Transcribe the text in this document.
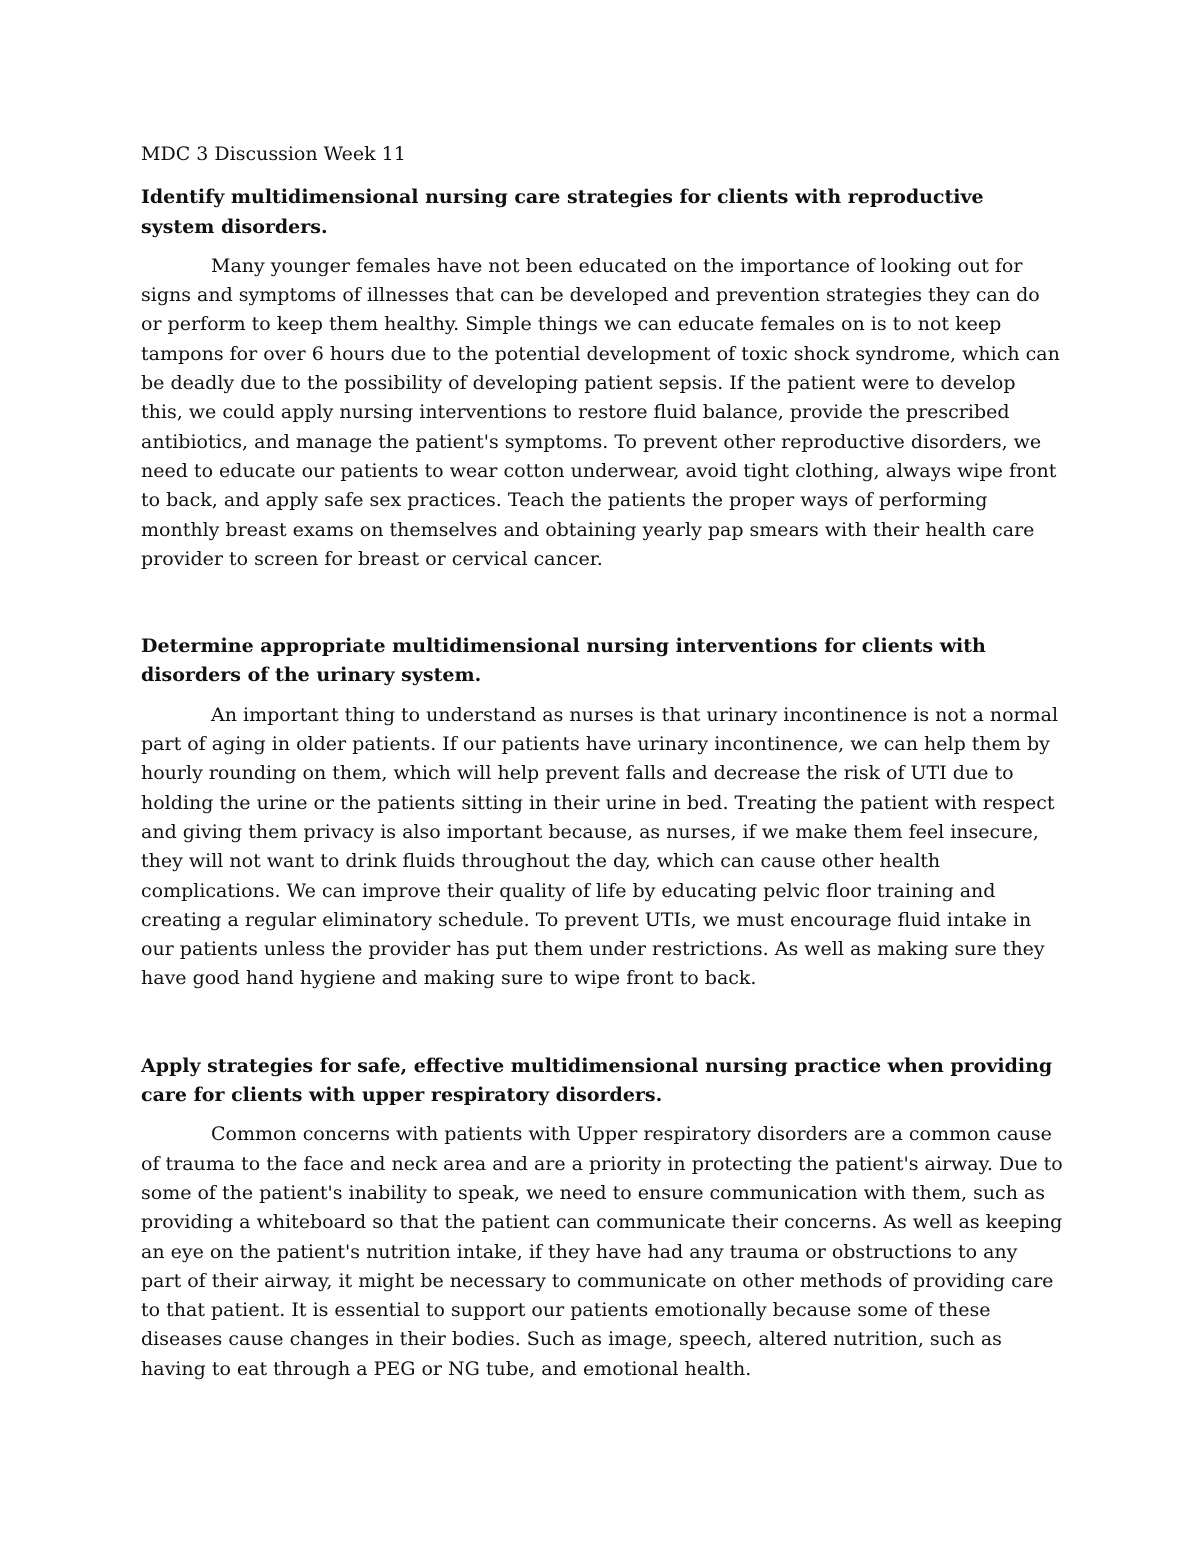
MDC 3 Discussion Week 11

Identify multidimensional nursing care strategies for clients with reproductive system disorders.

Many younger females have not been educated on the importance of looking out for signs and symptoms of illnesses that can be developed and prevention strategies they can do or perform to keep them healthy. Simple things we can educate females on is to not keep tampons for over 6 hours due to the potential development of toxic shock syndrome, which can be deadly due to the possibility of developing patient sepsis. If the patient were to develop this, we could apply nursing interventions to restore fluid balance, provide the prescribed antibiotics, and manage the patient's symptoms. To prevent other reproductive disorders, we need to educate our patients to wear cotton underwear, avoid tight clothing, always wipe front to back, and apply safe sex practices. Teach the patients the proper ways of performing monthly breast exams on themselves and obtaining yearly pap smears with their health care provider to screen for breast or cervical cancer.

Determine appropriate multidimensional nursing interventions for clients with disorders of the urinary system.

An important thing to understand as nurses is that urinary incontinence is not a normal part of aging in older patients. If our patients have urinary incontinence, we can help them by hourly rounding on them, which will help prevent falls and decrease the risk of UTI due to holding the urine or the patients sitting in their urine in bed. Treating the patient with respect and giving them privacy is also important because, as nurses, if we make them feel insecure, they will not want to drink fluids throughout the day, which can cause other health complications. We can improve their quality of life by educating pelvic floor training and creating a regular eliminatory schedule. To prevent UTIs, we must encourage fluid intake in our patients unless the provider has put them under restrictions. As well as making sure they have good hand hygiene and making sure to wipe front to back.

Apply strategies for safe, effective multidimensional nursing practice when providing care for clients with upper respiratory disorders.

Common concerns with patients with Upper respiratory disorders are a common cause of trauma to the face and neck area and are a priority in protecting the patient's airway. Due to some of the patient's inability to speak, we need to ensure communication with them, such as providing a whiteboard so that the patient can communicate their concerns. As well as keeping an eye on the patient's nutrition intake, if they have had any trauma or obstructions to any part of their airway, it might be necessary to communicate on other methods of providing care to that patient. It is essential to support our patients emotionally because some of these diseases cause changes in their bodies. Such as image, speech, altered nutrition, such as having to eat through a PEG or NG tube, and emotional health.
